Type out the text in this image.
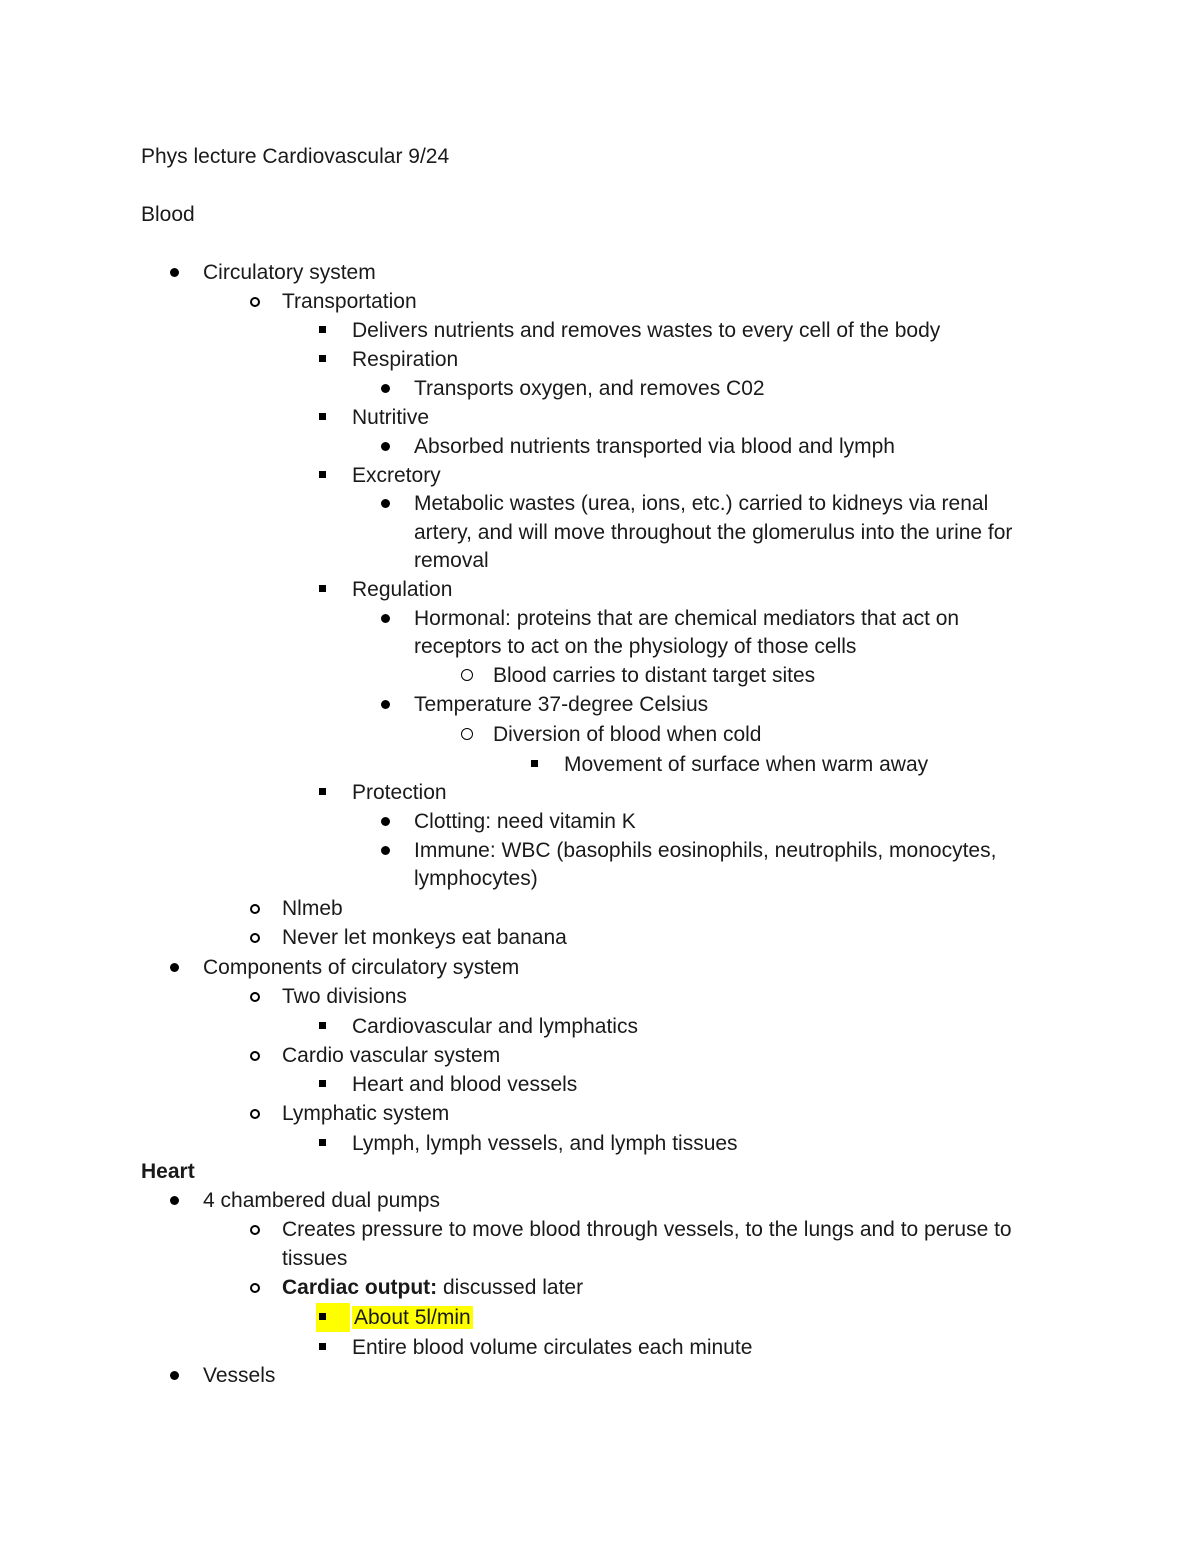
Phys lecture Cardiovascular 9/24
Blood
Circulatory system
Transportation
Delivers nutrients and removes wastes to every cell of the body
Respiration
Transports oxygen, and removes C02
Nutritive
Absorbed nutrients transported via blood and lymph
Excretory
Metabolic wastes (urea, ions, etc.) carried to kidneys via renal
artery, and will move throughout the glomerulus into the urine for
removal
Regulation
Hormonal: proteins that are chemical mediators that act on
receptors to act on the physiology of those cells
Blood carries to distant target sites
Temperature 37-degree Celsius
Diversion of blood when cold
Movement of surface when warm away
Protection
Clotting: need vitamin K
Immune: WBC (basophils eosinophils, neutrophils, monocytes,
lymphocytes)
Nlmeb
Never let monkeys eat banana
Components of circulatory system
Two divisions
Cardiovascular and lymphatics
Cardio vascular system
Heart and blood vessels
Lymphatic system
Lymph, lymph vessels, and lymph tissues
Heart
4 chambered dual pumps
Creates pressure to move blood through vessels, to the lungs and to peruse to
tissues
Cardiac output: discussed later
About 5l/min
Entire blood volume circulates each minute
Vessels
